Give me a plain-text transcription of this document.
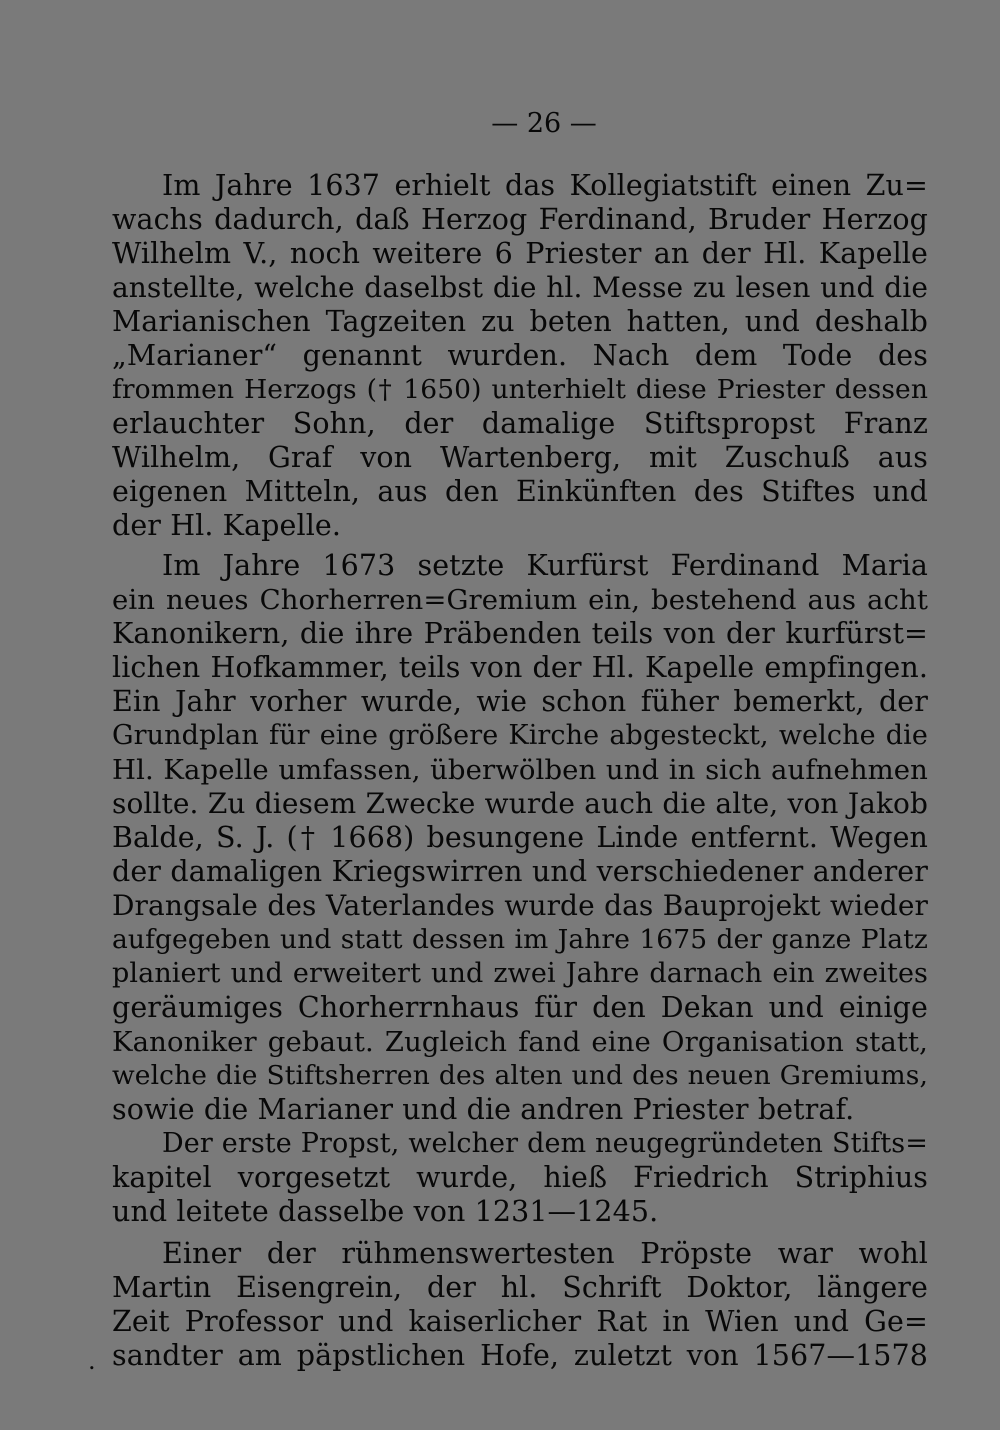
— 26 —
Im Jahre 1637 erhielt das Kollegiatstift einen Zu=
wachs dadurch, daß Herzog Ferdinand, Bruder Herzog
Wilhelm V., noch weitere 6 Priester an der Hl. Kapelle
anstellte, welche daselbst die hl. Messe zu lesen und die
Marianischen Tagzeiten zu beten hatten, und deshalb
„Marianer“ genannt wurden. Nach dem Tode des
frommen Herzogs († 1650) unterhielt diese Priester dessen
erlauchter Sohn, der damalige Stiftspropst Franz
Wilhelm, Graf von Wartenberg, mit Zuschuß aus
eigenen Mitteln, aus den Einkünften des Stiftes und
der Hl. Kapelle.
Im Jahre 1673 setzte Kurfürst Ferdinand Maria
ein neues Chorherren=Gremium ein, bestehend aus acht
Kanonikern, die ihre Präbenden teils von der kurfürst=
lichen Hofkammer, teils von der Hl. Kapelle empfingen.
Ein Jahr vorher wurde, wie schon füher bemerkt, der
Grundplan für eine größere Kirche abgesteckt, welche die
Hl. Kapelle umfassen, überwölben und in sich aufnehmen
sollte. Zu diesem Zwecke wurde auch die alte, von Jakob
Balde, S. J. († 1668) besungene Linde entfernt. Wegen
der damaligen Kriegswirren und verschiedener anderer
Drangsale des Vaterlandes wurde das Bauprojekt wieder
aufgegeben und statt dessen im Jahre 1675 der ganze Platz
planiert und erweitert und zwei Jahre darnach ein zweites
geräumiges Chorherrnhaus für den Dekan und einige
Kanoniker gebaut. Zugleich fand eine Organisation statt,
welche die Stiftsherren des alten und des neuen Gremiums,
sowie die Marianer und die andren Priester betraf.
Der erste Propst, welcher dem neugegründeten Stifts=
kapitel vorgesetzt wurde, hieß Friedrich Striphius
und leitete dasselbe von 1231—1245.
Einer der rühmenswertesten Pröpste war wohl
Martin Eisengrein, der hl. Schrift Doktor, längere
Zeit Professor und kaiserlicher Rat in Wien und Ge=
sandter am päpstlichen Hofe, zuletzt von 1567—1578
.
